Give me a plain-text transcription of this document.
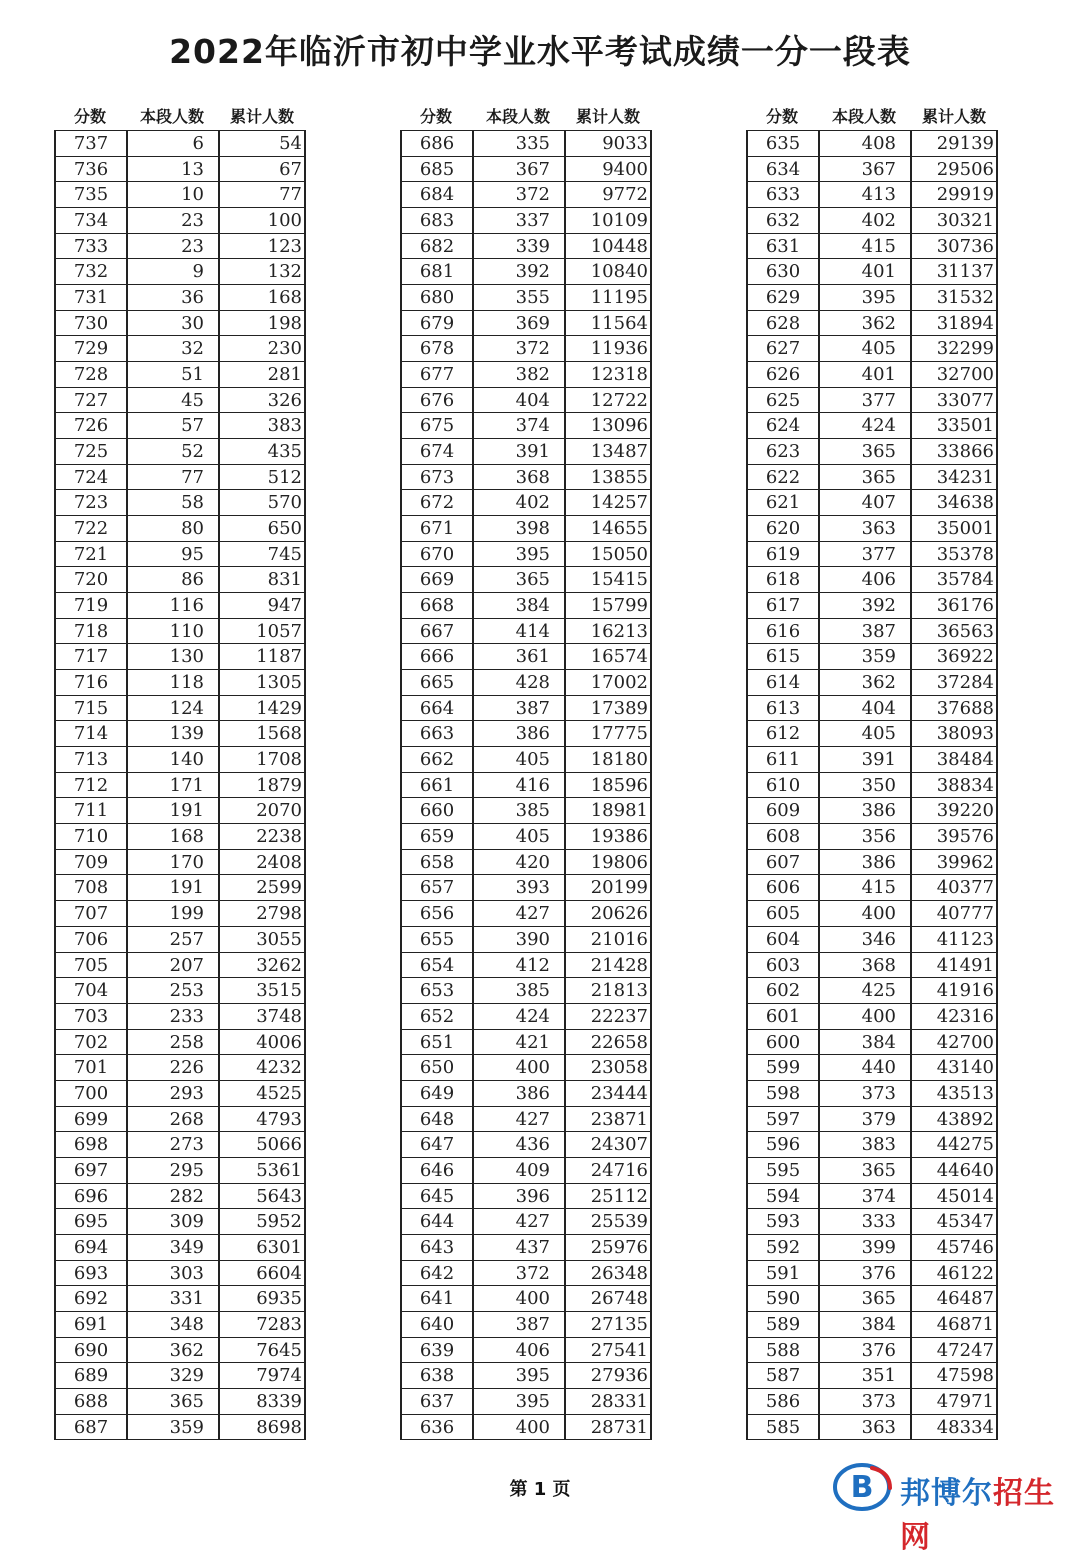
2022年临沂市初中学业水平考试成绩一分一段表
分数	本段人数	累计人数
737	6	54
736	13	67
735	10	77
734	23	100
733	23	123
732	9	132
731	36	168
730	30	198
729	32	230
728	51	281
727	45	326
726	57	383
725	52	435
724	77	512
723	58	570
722	80	650
721	95	745
720	86	831
719	116	947
718	110	1057
717	130	1187
716	118	1305
715	124	1429
714	139	1568
713	140	1708
712	171	1879
711	191	2070
710	168	2238
709	170	2408
708	191	2599
707	199	2798
706	257	3055
705	207	3262
704	253	3515
703	233	3748
702	258	4006
701	226	4232
700	293	4525
699	268	4793
698	273	5066
697	295	5361
696	282	5643
695	309	5952
694	349	6301
693	303	6604
692	331	6935
691	348	7283
690	362	7645
689	329	7974
688	365	8339
687	359	8698
分数	本段人数	累计人数
686	335	9033
685	367	9400
684	372	9772
683	337	10109
682	339	10448
681	392	10840
680	355	11195
679	369	11564
678	372	11936
677	382	12318
676	404	12722
675	374	13096
674	391	13487
673	368	13855
672	402	14257
671	398	14655
670	395	15050
669	365	15415
668	384	15799
667	414	16213
666	361	16574
665	428	17002
664	387	17389
663	386	17775
662	405	18180
661	416	18596
660	385	18981
659	405	19386
658	420	19806
657	393	20199
656	427	20626
655	390	21016
654	412	21428
653	385	21813
652	424	22237
651	421	22658
650	400	23058
649	386	23444
648	427	23871
647	436	24307
646	409	24716
645	396	25112
644	427	25539
643	437	25976
642	372	26348
641	400	26748
640	387	27135
639	406	27541
638	395	27936
637	395	28331
636	400	28731
分数	本段人数	累计人数
635	408	29139
634	367	29506
633	413	29919
632	402	30321
631	415	30736
630	401	31137
629	395	31532
628	362	31894
627	405	32299
626	401	32700
625	377	33077
624	424	33501
623	365	33866
622	365	34231
621	407	34638
620	363	35001
619	377	35378
618	406	35784
617	392	36176
616	387	36563
615	359	36922
614	362	37284
613	404	37688
612	405	38093
611	391	38484
610	350	38834
609	386	39220
608	356	39576
607	386	39962
606	415	40377
605	400	40777
604	346	41123
603	368	41491
602	425	41916
601	400	42316
600	384	42700
599	440	43140
598	373	43513
597	379	43892
596	383	44275
595	365	44640
594	374	45014
593	333	45347
592	399	45746
591	376	46122
590	365	46487
589	384	46871
588	376	47247
587	351	47598
586	373	47971
585	363	48334
第 1 页	B 邦博尔招生网
